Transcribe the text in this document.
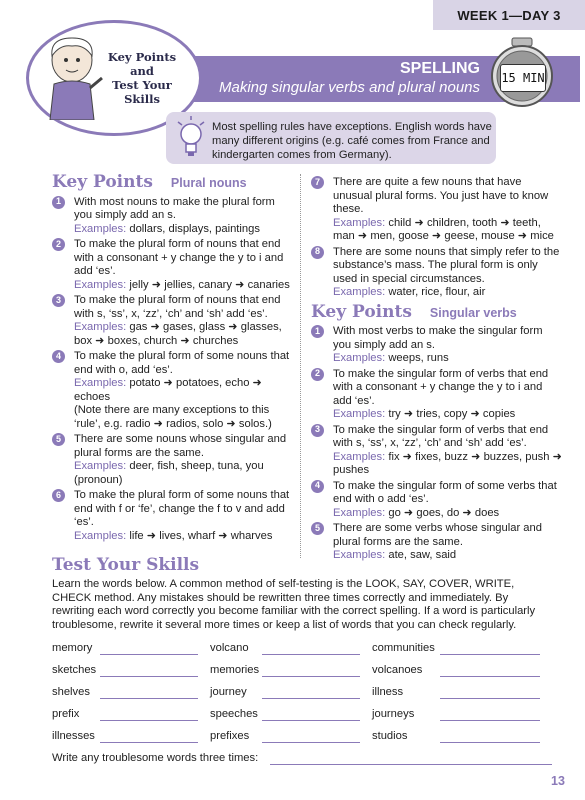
WEEK 1—DAY 3
SPELLING
Making singular verbs and plural nouns
15 MIN
Key Points
and
Test Your
Skills
Most spelling rules have exceptions. English words have many different origins (e.g. café comes from France and kindergarten comes from Germany).
Key Points Plural nouns
1	With most nouns to make the plural form you simply add an s.
Examples: dollars, displays, paintings
2	To make the plural form of nouns that end with a consonant + y change the y to i and add ‘es’.
Examples: jelly ➜ jellies, canary ➜ canaries
3	To make the plural form of nouns that end with s, ‘ss’, x, ‘zz’, ‘ch’ and ‘sh’ add ‘es’.
Examples: gas ➜ gases, glass ➜ glasses, box ➜ boxes, church ➜ churches
4	To make the plural form of some nouns that end with o, add ‘es’.
Examples: potato ➜ potatoes, echo ➜ echoes
(Note there are many exceptions to this ‘rule’, e.g. radio ➜ radios, solo ➜ solos.)
5	There are some nouns whose singular and plural forms are the same.
Examples: deer, fish, sheep, tuna, you (pronoun)
6	To make the plural form of some nouns that end with f or ‘fe’, change the f to v and add ‘es’.
Examples: life ➜ lives, wharf ➜ wharves
7	There are quite a few nouns that have unusual plural forms. You just have to know these.
Examples: child ➜ children, tooth ➜ teeth, man ➜ men, goose ➜ geese, mouse ➜ mice
8	There are some nouns that simply refer to the substance’s mass. The plural form is only used in special circumstances.
Examples: water, rice, flour, air
Key Points Singular verbs
1	With most verbs to make the singular form you simply add an s.
Examples: weeps, runs
2	To make the singular form of verbs that end with a consonant + y change the y to i and add ‘es’.
Examples: try ➜ tries, copy ➜ copies
3	To make the singular form of verbs that end with s, ‘ss’, x, ‘zz’, ‘ch’ and ‘sh’ add ‘es’.
Examples: fix ➜ fixes, buzz ➜ buzzes, push ➜ pushes
4	To make the singular form of some verbs that end with o add ‘es’.
Examples: go ➜ goes, do ➜ does
5	There are some verbs whose singular and plural forms are the same.
Examples: ate, saw, said
Test Your Skills
Learn the words below. A common method of self-testing is the LOOK, SAY, COVER, WRITE, CHECK method. Any mistakes should be rewritten three times correctly and immediately. By rewriting each word correctly you become familiar with the correct spelling. If a word is particularly troublesome, rewrite it several more times or keep a list of words that you can check regularly.
memory	volcano	communities
sketches	memories	volcanoes
shelves	journey	illness
prefix	speeches	journeys
illnesses	prefixes	studios
Write any troublesome words three times:
13
